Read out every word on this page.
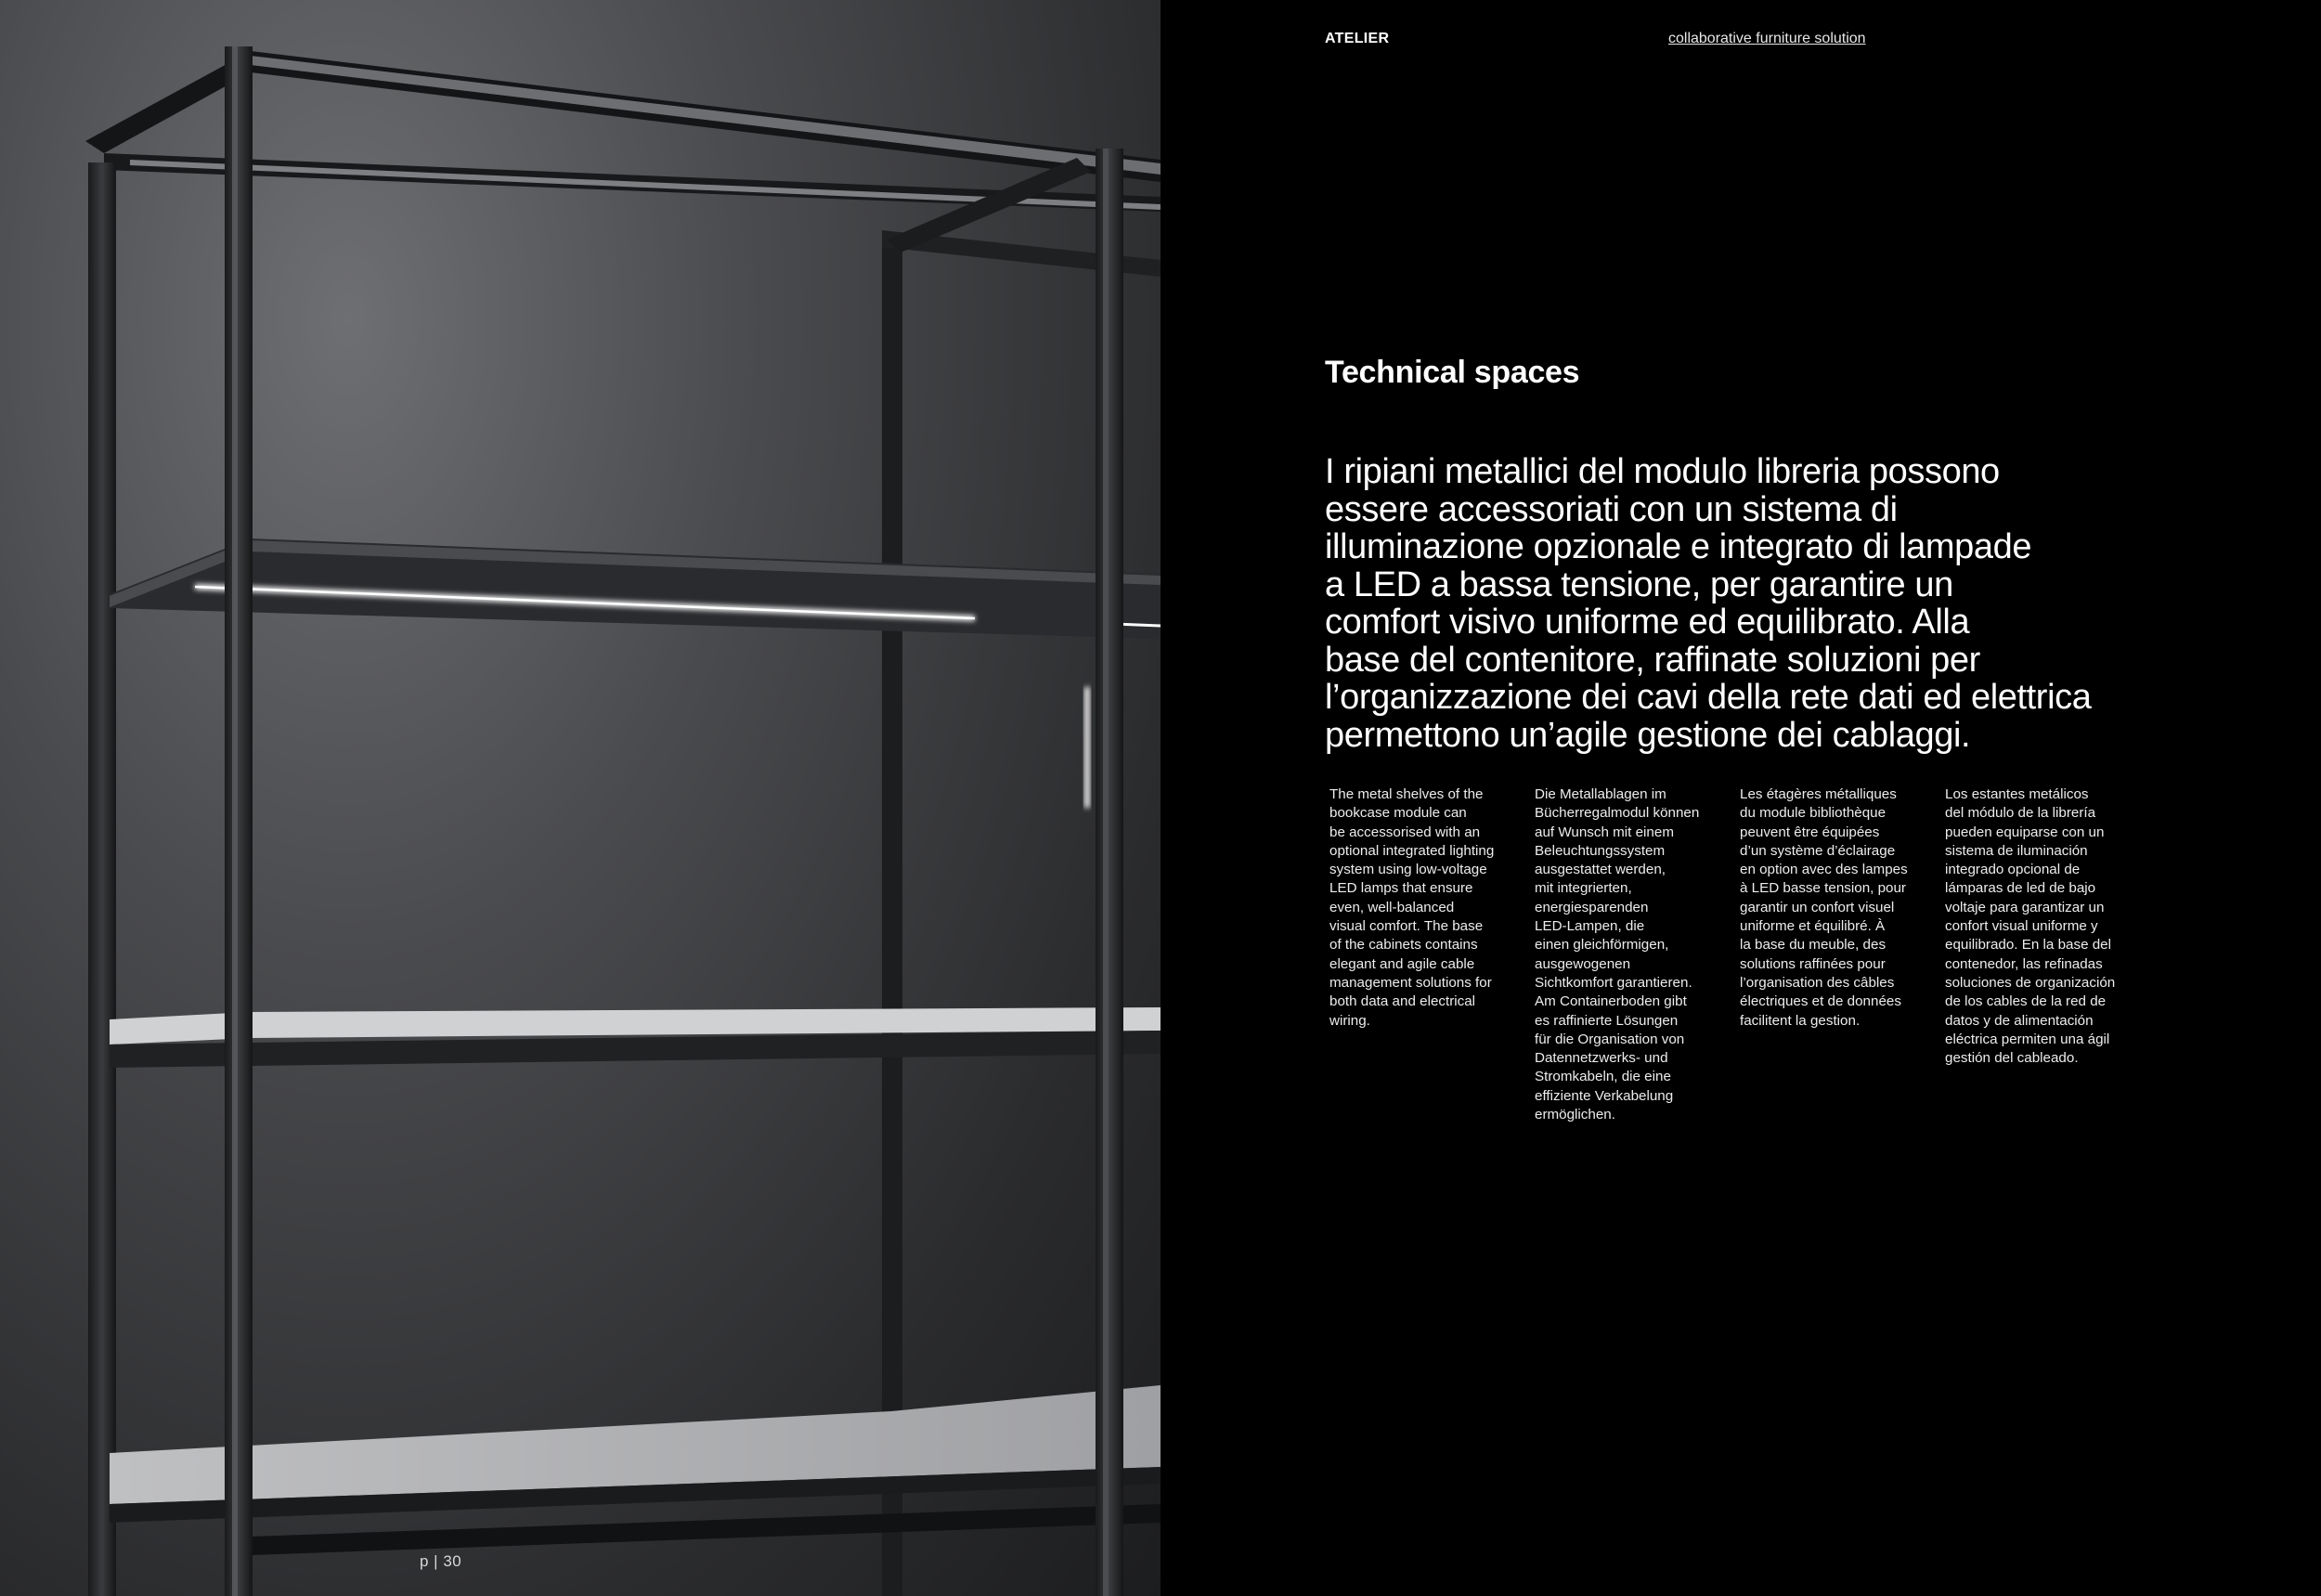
p | 30
ATELIER	collaborative furniture solution
Technical spaces

I ripiani metallici del modulo libreria possono
essere accessoriati con un sistema di
illuminazione opzionale e integrato di lampade
a LED a bassa tensione, per garantire un
comfort visivo uniforme ed equilibrato. Alla
base del contenitore, raffinate soluzioni per
l’organizzazione dei cavi della rete dati ed elettrica
permettono un’agile gestione dei cablaggi.

The metal shelves of the
bookcase module can
be accessorised with an
optional integrated lighting
system using low-voltage
LED lamps that ensure
even, well-balanced
visual comfort. The base
of the cabinets contains
elegant and agile cable
management solutions for
both data and electrical
wiring.
Die Metallablagen im
Bücherregalmodul können
auf Wunsch mit einem
Beleuchtungssystem
ausgestattet werden,
mit integrierten,
energiesparenden
LED-Lampen, die
einen gleichförmigen,
ausgewogenen
Sichtkomfort garantieren.
Am Containerboden gibt
es raffinierte Lösungen
für die Organisation von
Datennetzwerks- und
Stromkabeln, die eine
effiziente Verkabelung
ermöglichen.
Les étagères métalliques
du module bibliothèque
peuvent être équipées
d’un système d’éclairage
en option avec des lampes
à LED basse tension, pour
garantir un confort visuel
uniforme et équilibré. À
la base du meuble, des
solutions raffinées pour
l’organisation des câbles
électriques et de données
facilitent la gestion.
Los estantes metálicos
del módulo de la librería
pueden equiparse con un
sistema de iluminación
integrado opcional de
lámparas de led de bajo
voltaje para garantizar un
confort visual uniforme y
equilibrado. En la base del
contenedor, las refinadas
soluciones de organización
de los cables de la red de
datos y de alimentación
eléctrica permiten una ágil
gestión del cableado.
